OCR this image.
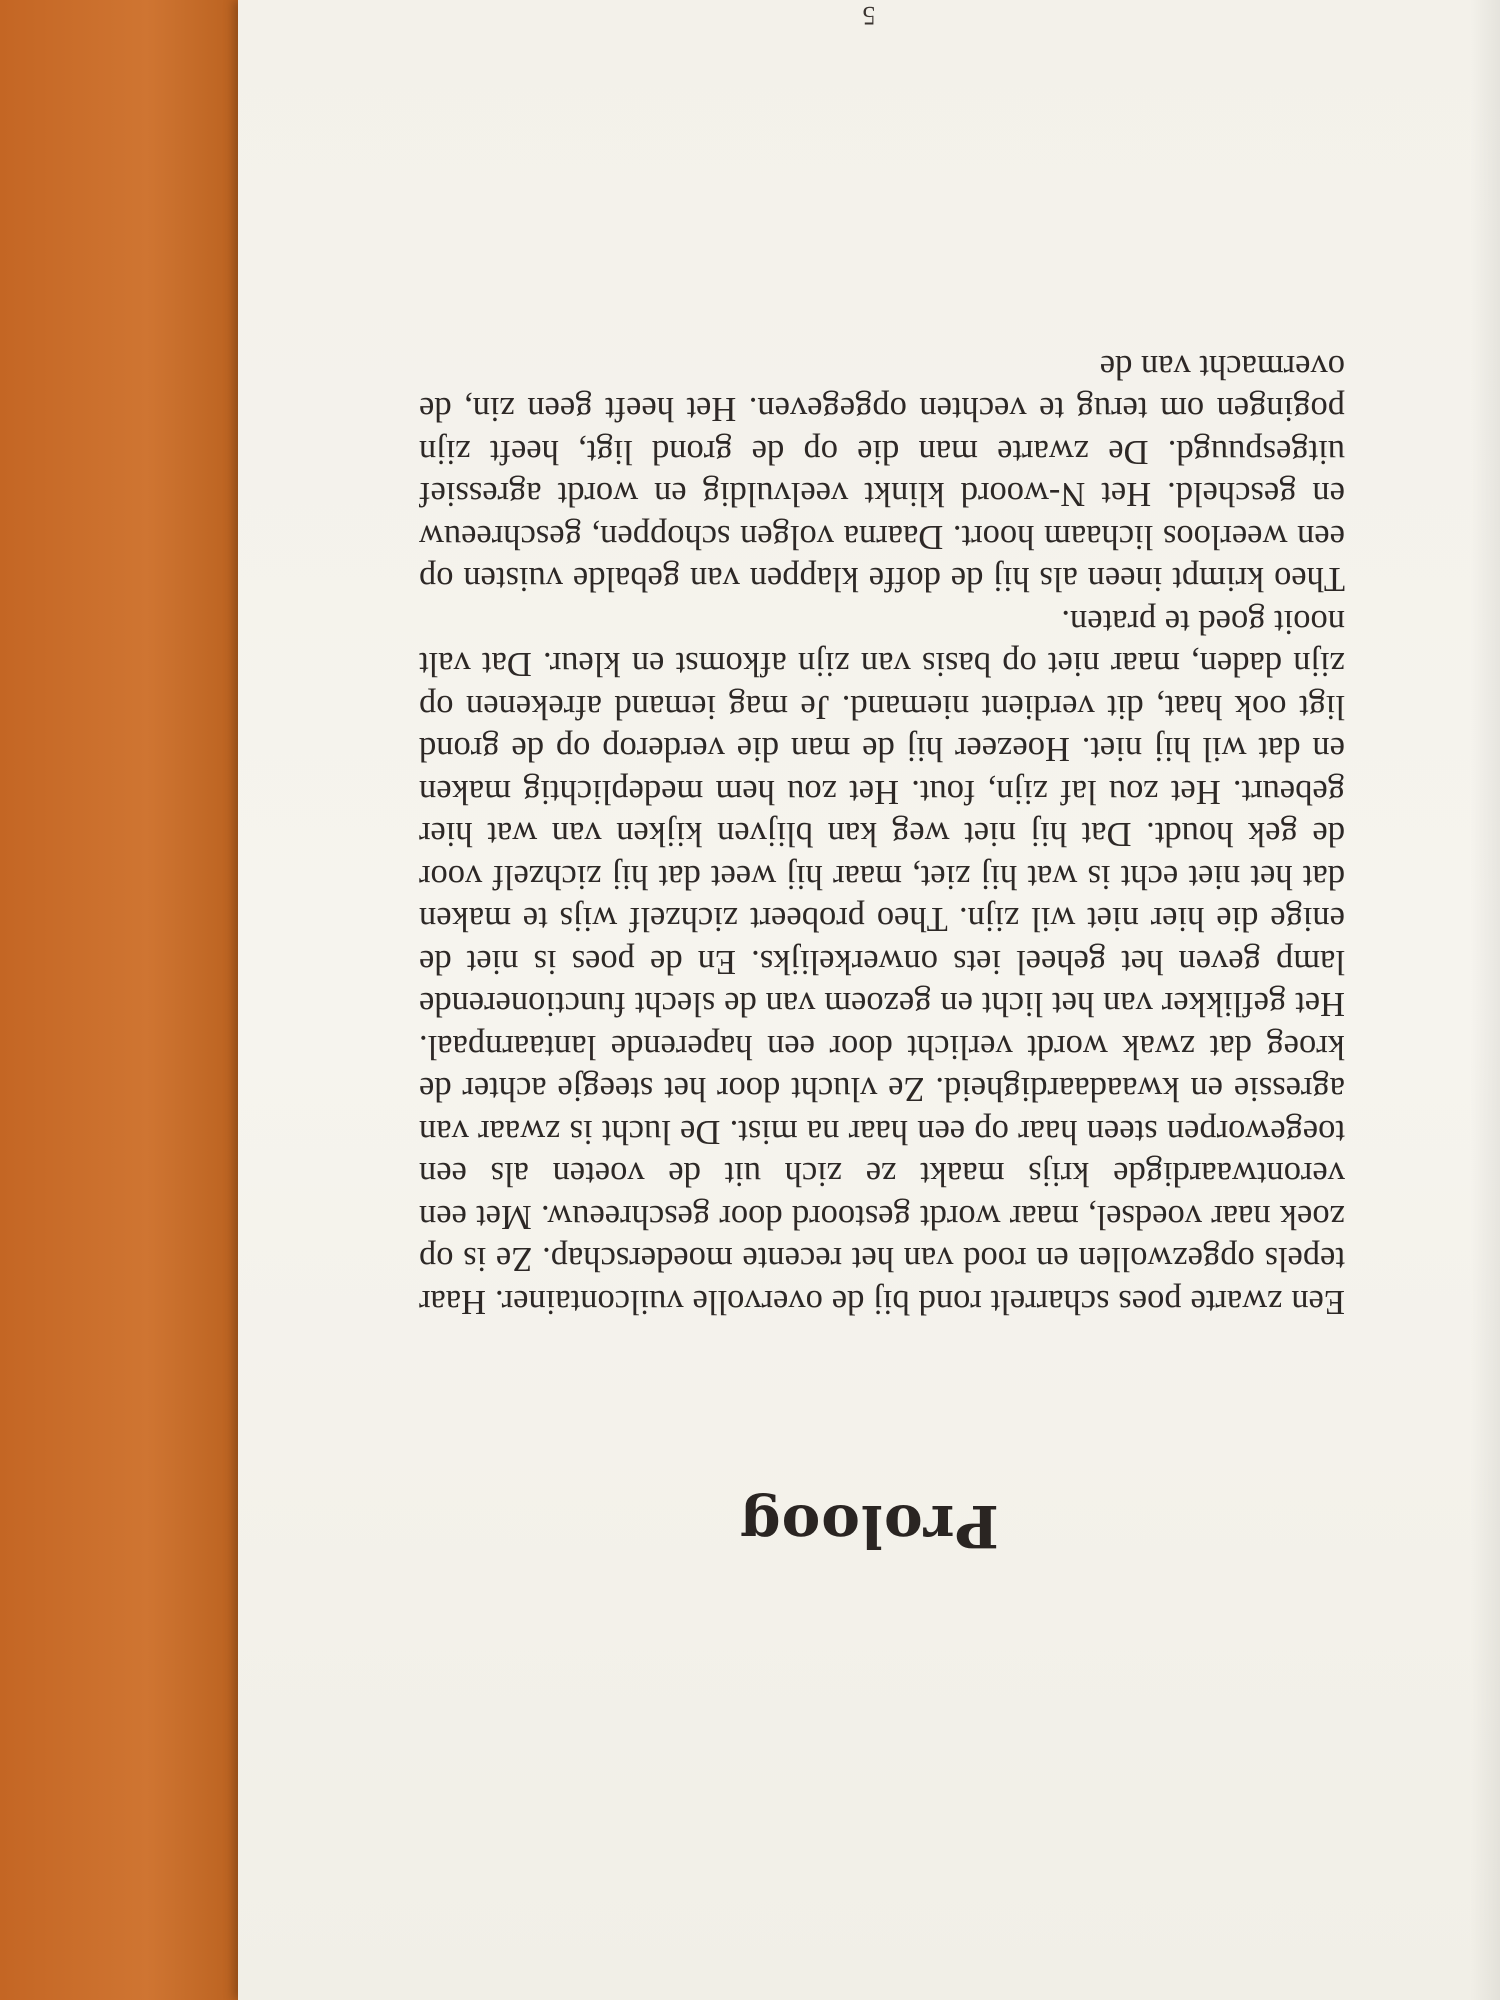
Proloog

Een zwarte poes scharrelt rond bij de overvolle vuilcontainer. Haar tepels opgezwollen en rood van het recente moederschap. Ze is op zoek naar voedsel, maar wordt gestoord door geschreeuw. Met een verontwaardigde krijs maakt ze zich uit de voeten als een toegeworpen steen haar op een haar na mist. De lucht is zwaar van agressie en kwaadaardigheid. Ze vlucht door het steegje achter de kroeg dat zwak wordt verlicht door een haperende lantaarnpaal. Het geflikker van het licht en gezoem van de slecht functionerende lamp geven het geheel iets onwerkelijks. En de poes is niet de enige die hier niet wil zijn. Theo probeert zichzelf wijs te maken dat het niet echt is wat hij ziet, maar hij weet dat hij zichzelf voor de gek houdt. Dat hij niet weg kan blijven kijken van wat hier gebeurt. Het zou laf zijn, fout. Het zou hem medeplichtig maken en dat wil hij niet. Hoezeer hij de man die verderop op de grond ligt ook haat, dit verdient niemand. Je mag iemand afrekenen op zijn daden, maar niet op basis van zijn afkomst en kleur. Dat valt nooit goed te praten.

Theo krimpt ineen als hij de doffe klappen van gebalde vuisten op een weerloos lichaam hoort. Daarna volgen schoppen, geschreeuw en gescheld. Het N-woord klinkt veelvuldig en wordt agressief uitgespuugd. De zwarte man die op de grond ligt, heeft zijn pogingen om terug te vechten opgegeven. Het heeft geen zin, de overmacht van de

5
